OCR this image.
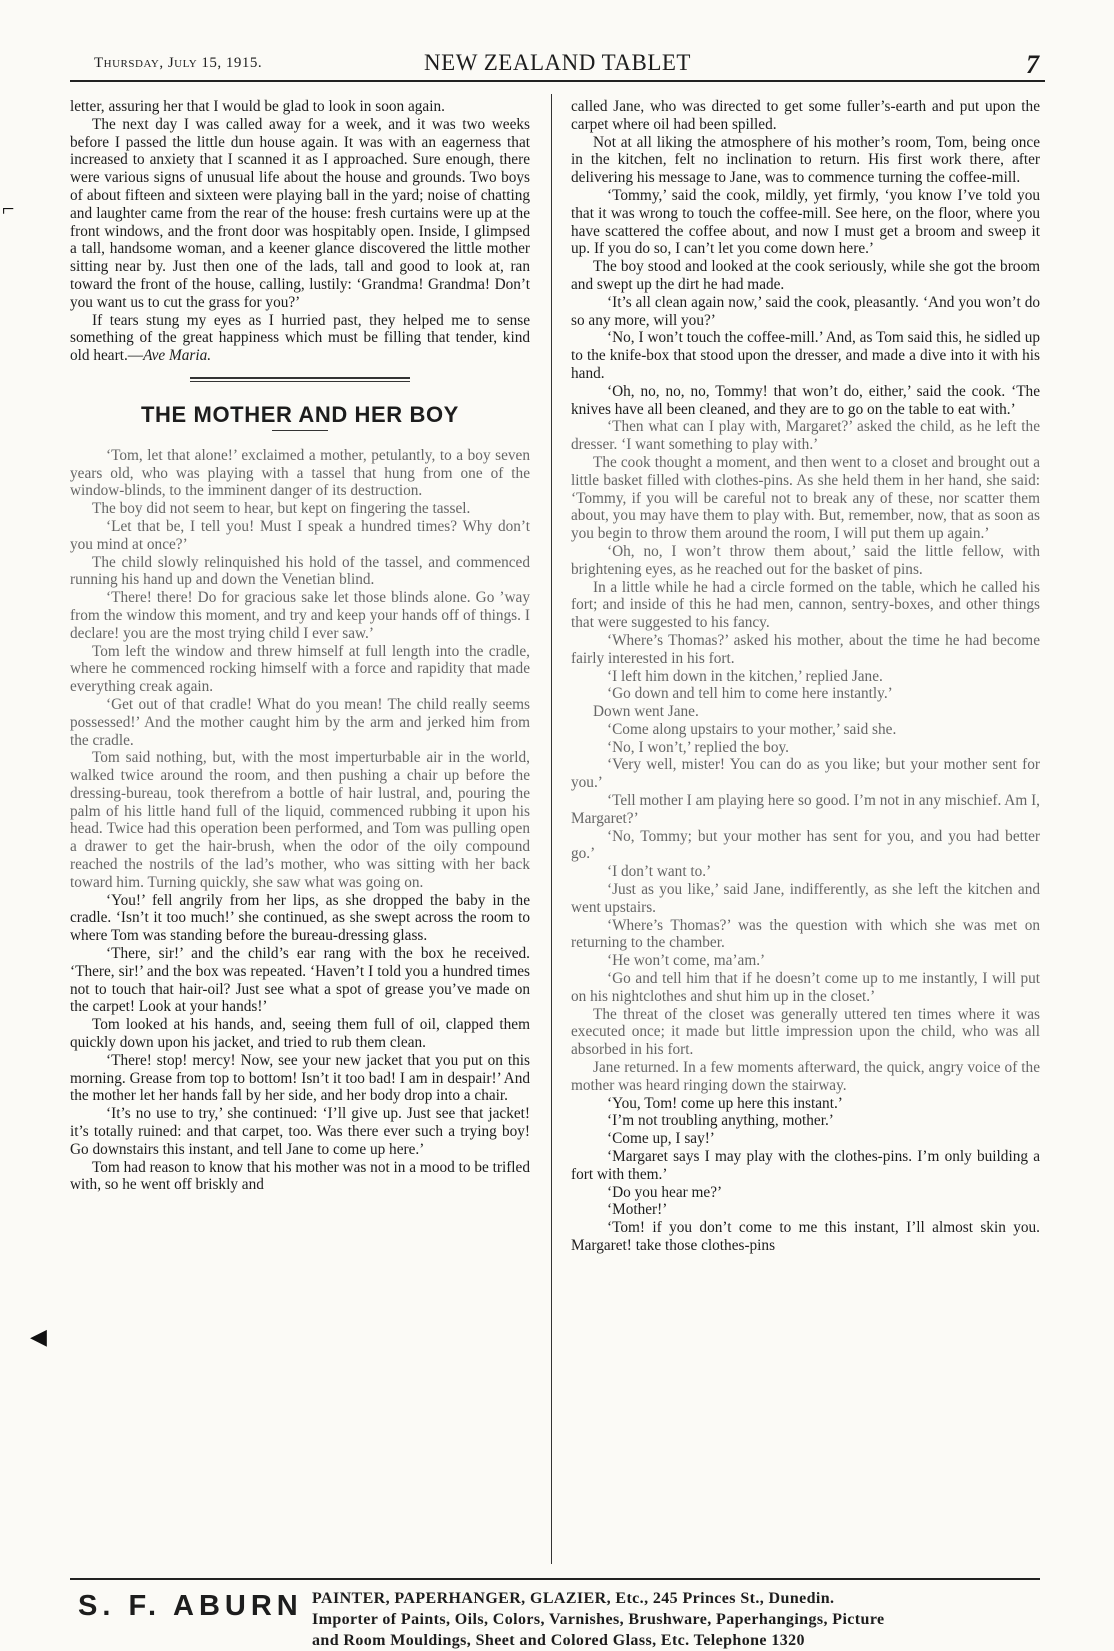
Thursday, July 15, 1915.	NEW ZEALAND TABLET	7
⌐
◀

letter, assuring her that I would be glad to look in soon again.

The next day I was called away for a week, and it was two weeks before I passed the little dun house again. It was with an eagerness that increased to anxiety that I scanned it as I approached. Sure enough, there were various signs of unusual life about the house and grounds. Two boys of about fifteen and sixteen were playing ball in the yard; noise of chatting and laughter came from the rear of the house: fresh curtains were up at the front windows, and the front door was hospitably open. Inside, I glimpsed a tall, handsome woman, and a keener glance discovered the little mother sitting near by. Just then one of the lads, tall and good to look at, ran toward the front of the house, calling, lustily: ‘Grandma! Grandma! Don’t you want us to cut the grass for you?’

If tears stung my eyes as I hurried past, they helped me to sense something of the great happiness which must be filling that tender, kind old heart.—Ave Maria.

THE MOTHER AND HER BOY

‘Tom, let that alone!’ exclaimed a mother, petulantly, to a boy seven years old, who was playing with a tassel that hung from one of the window-blinds, to the imminent danger of its destruction.

The boy did not seem to hear, but kept on fingering the tassel.

‘Let that be, I tell you! Must I speak a hundred times? Why don’t you mind at once?’

The child slowly relinquished his hold of the tassel, and commenced running his hand up and down the Venetian blind.

‘There! there! Do for gracious sake let those blinds alone. Go ’way from the window this moment, and try and keep your hands off of things. I declare! you are the most trying child I ever saw.’

Tom left the window and threw himself at full length into the cradle, where he commenced rocking himself with a force and rapidity that made everything creak again.

‘Get out of that cradle! What do you mean! The child really seems possessed!’ And the mother caught him by the arm and jerked him from the cradle.

Tom said nothing, but, with the most imperturbable air in the world, walked twice around the room, and then pushing a chair up before the dressing-bureau, took therefrom a bottle of hair lustral, and, pouring the palm of his little hand full of the liquid, commenced rubbing it upon his head. Twice had this operation been performed, and Tom was pulling open a drawer to get the hair-brush, when the odor of the oily compound reached the nostrils of the lad’s mother, who was sitting with her back toward him. Turning quickly, she saw what was going on.

‘You!’ fell angrily from her lips, as she dropped the baby in the cradle. ‘Isn’t it too much!’ she continued, as she swept across the room to where Tom was standing before the bureau-dressing glass.

‘There, sir!’ and the child’s ear rang with the box he received. ‘There, sir!’ and the box was repeated. ‘Haven’t I told you a hundred times not to touch that hair-oil? Just see what a spot of grease you’ve made on the carpet! Look at your hands!’

Tom looked at his hands, and, seeing them full of oil, clapped them quickly down upon his jacket, and tried to rub them clean.

‘There! stop! mercy! Now, see your new jacket that you put on this morning. Grease from top to bottom! Isn’t it too bad! I am in despair!’ And the mother let her hands fall by her side, and her body drop into a chair.

‘It’s no use to try,’ she continued: ‘I’ll give up. Just see that jacket! it’s totally ruined: and that carpet, too. Was there ever such a trying boy! Go downstairs this instant, and tell Jane to come up here.’

Tom had reason to know that his mother was not in a mood to be trifled with, so he went off briskly and

called Jane, who was directed to get some fuller’s-earth and put upon the carpet where oil had been spilled.

Not at all liking the atmosphere of his mother’s room, Tom, being once in the kitchen, felt no inclination to return. His first work there, after delivering his message to Jane, was to commence turning the coffee-mill.

‘Tommy,’ said the cook, mildly, yet firmly, ‘you know I’ve told you that it was wrong to touch the coffee-mill. See here, on the floor, where you have scattered the coffee about, and now I must get a broom and sweep it up. If you do so, I can’t let you come down here.’

The boy stood and looked at the cook seriously, while she got the broom and swept up the dirt he had made.

‘It’s all clean again now,’ said the cook, pleasantly. ‘And you won’t do so any more, will you?’

‘No, I won’t touch the coffee-mill.’ And, as Tom said this, he sidled up to the knife-box that stood upon the dresser, and made a dive into it with his hand.

‘Oh, no, no, no, Tommy! that won’t do, either,’ said the cook. ‘The knives have all been cleaned, and they are to go on the table to eat with.’

‘Then what can I play with, Margaret?’ asked the child, as he left the dresser. ‘I want something to play with.’

The cook thought a moment, and then went to a closet and brought out a little basket filled with clothes-pins. As she held them in her hand, she said: ‘Tommy, if you will be careful not to break any of these, nor scatter them about, you may have them to play with. But, remember, now, that as soon as you begin to throw them around the room, I will put them up again.’

‘Oh, no, I won’t throw them about,’ said the little fellow, with brightening eyes, as he reached out for the basket of pins.

In a little while he had a circle formed on the table, which he called his fort; and inside of this he had men, cannon, sentry-boxes, and other things that were suggested to his fancy.

‘Where’s Thomas?’ asked his mother, about the time he had become fairly interested in his fort.

‘I left him down in the kitchen,’ replied Jane.

‘Go down and tell him to come here instantly.’

Down went Jane.

‘Come along upstairs to your mother,’ said she.

‘No, I won’t,’ replied the boy.

‘Very well, mister! You can do as you like; but your mother sent for you.’

‘Tell mother I am playing here so good. I’m not in any mischief. Am I, Margaret?’

‘No, Tommy; but your mother has sent for you, and you had better go.’

‘I don’t want to.’

‘Just as you like,’ said Jane, indifferently, as she left the kitchen and went upstairs.

‘Where’s Thomas?’ was the question with which she was met on returning to the chamber.

‘He won’t come, ma’am.’

‘Go and tell him that if he doesn’t come up to me instantly, I will put on his nightclothes and shut him up in the closet.’

The threat of the closet was generally uttered ten times where it was executed once; it made but little impression upon the child, who was all absorbed in his fort.

Jane returned. In a few moments afterward, the quick, angry voice of the mother was heard ringing down the stairway.

‘You, Tom! come up here this instant.’

‘I’m not troubling anything, mother.’

‘Come up, I say!’

‘Margaret says I may play with the clothes-pins. I’m only building a fort with them.’

‘Do you hear me?’

‘Mother!’

‘Tom! if you don’t come to me this instant, I’ll almost skin you. Margaret! take those clothes-pins

S. F. ABURN PAINTER, PAPERHANGER, GLAZIER, Etc., 245 Princes St., Dunedin.
Importer of Paints, Oils, Colors, Varnishes, Brushware, Paperhangings, Picture
and Room Mouldings, Sheet and Colored Glass, Etc. Telephone 1320
